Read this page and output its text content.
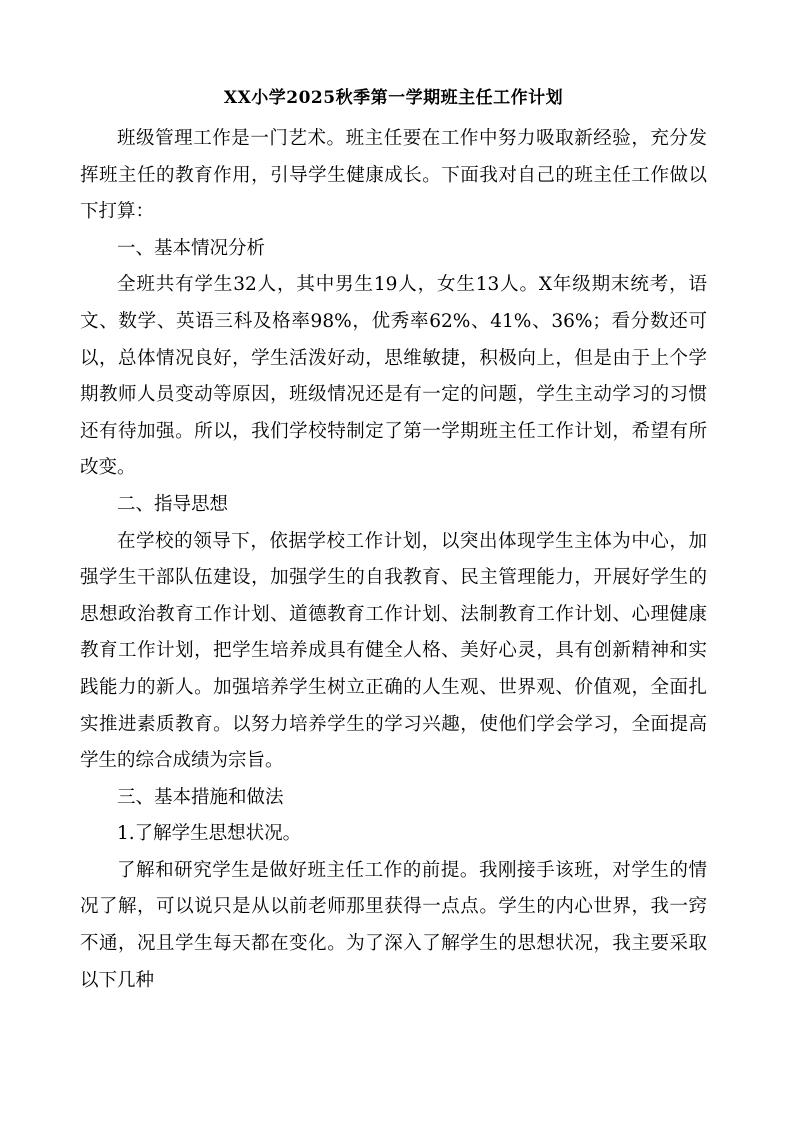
XX小学2025秋季第一学期班主任工作计划

班级管理工作是一门艺术。班主任要在工作中努力吸取新经验，充分发挥班主任的教育作用，引导学生健康成长。下面我对自己的班主任工作做以下打算：

一、基本情况分析

全班共有学生32人，其中男生19人，女生13人。X年级期末统考，语文、数学、英语三科及格率98%，优秀率62%、41%、36%；看分数还可以，总体情况良好，学生活泼好动，思维敏捷，积极向上，但是由于上个学期教师人员变动等原因，班级情况还是有一定的问题，学生主动学习的习惯还有待加强。所以，我们学校特制定了第一学期班主任工作计划，希望有所改变。

二、指导思想

在学校的领导下，依据学校工作计划，以突出体现学生主体为中心，加强学生干部队伍建设，加强学生的自我教育、民主管理能力，开展好学生的思想政治教育工作计划、道德教育工作计划、法制教育工作计划、心理健康教育工作计划，把学生培养成具有健全人格、美好心灵，具有创新精神和实践能力的新人。加强培养学生树立正确的人生观、世界观、价值观，全面扎实推进素质教育。以努力培养学生的学习兴趣，使他们学会学习，全面提高学生的综合成绩为宗旨。

三、基本措施和做法

1.了解学生思想状况。

了解和研究学生是做好班主任工作的前提。我刚接手该班，对学生的情况了解，可以说只是从以前老师那里获得一点点。学生的内心世界，我一窍不通，况且学生每天都在变化。为了深入了解学生的思想状况，我主要采取以下几种
